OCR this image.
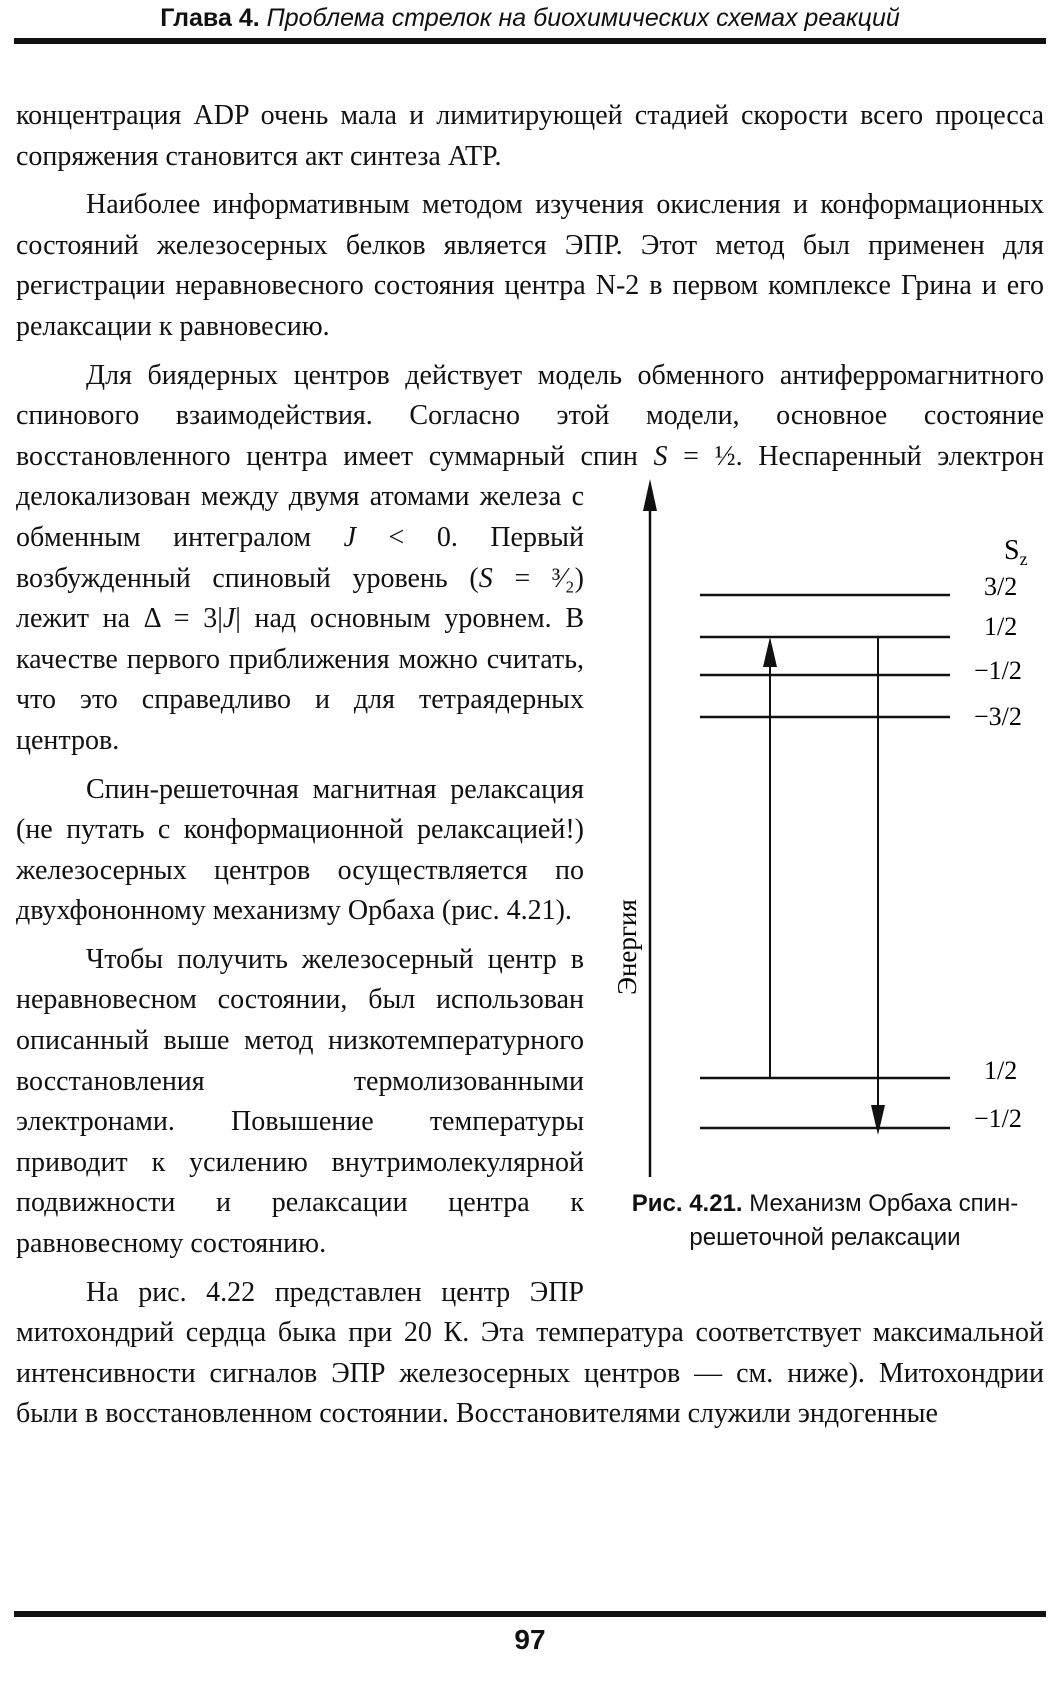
Глава 4. Проблема стрелок на биохимических схемах реакций

концентрация ADP очень мала и лимитирующей стадией скорости всего процесса сопряжения становится акт синтеза ATP.

Наиболее информативным методом изучения окисления и конформационных состояний железосерных белков является ЭПР. Этот метод был применен для регистрации неравновесного состояния центра N-2 в первом комплексе Грина и его релаксации к равновесию.

Для биядерных центров действует модель обменного антиферромагнитного спинового взаимодействия. Согласно этой модели, основное состояние восстановленного центра имеет суммарный спин
Энергия
$S_z$
3/2
1/2
−1/2
−3/2
1/2
−1/2
Рис. 4.21. Механизм Орбаха спин-решеточной релаксации
S = ½. Неспаренный электрон делокализован между двумя атомами железа с обменным интегралом J < 0. Первый возбужденный спиновый уровень (S = ³⁄₂) лежит на Δ = 3|J| над основным уровнем. В качестве первого приближения можно считать, что это справедливо и для тетраядерных центров.

Спин-решеточная магнитная релаксация (не путать с конформационной релаксацией!) железосерных центров осуществляется по двухфононному механизму Орбаха (рис. 4.21).

Чтобы получить железосерный центр в неравновесном состоянии, был использован описанный выше метод низкотемпературного восстановления термолизованными электронами. Повышение температуры приводит к усилению внутримолекулярной подвижности и релаксации центра к равновесному состоянию.

На рис. 4.22 представлен центр ЭПР митохондрий сердца быка при 20 К. Эта температура соответствует максимальной интенсивности сигналов ЭПР железосерных центров — см. ниже). Митохондрии были в восстановленном состоянии. Восстановителями служили эндогенные

97
